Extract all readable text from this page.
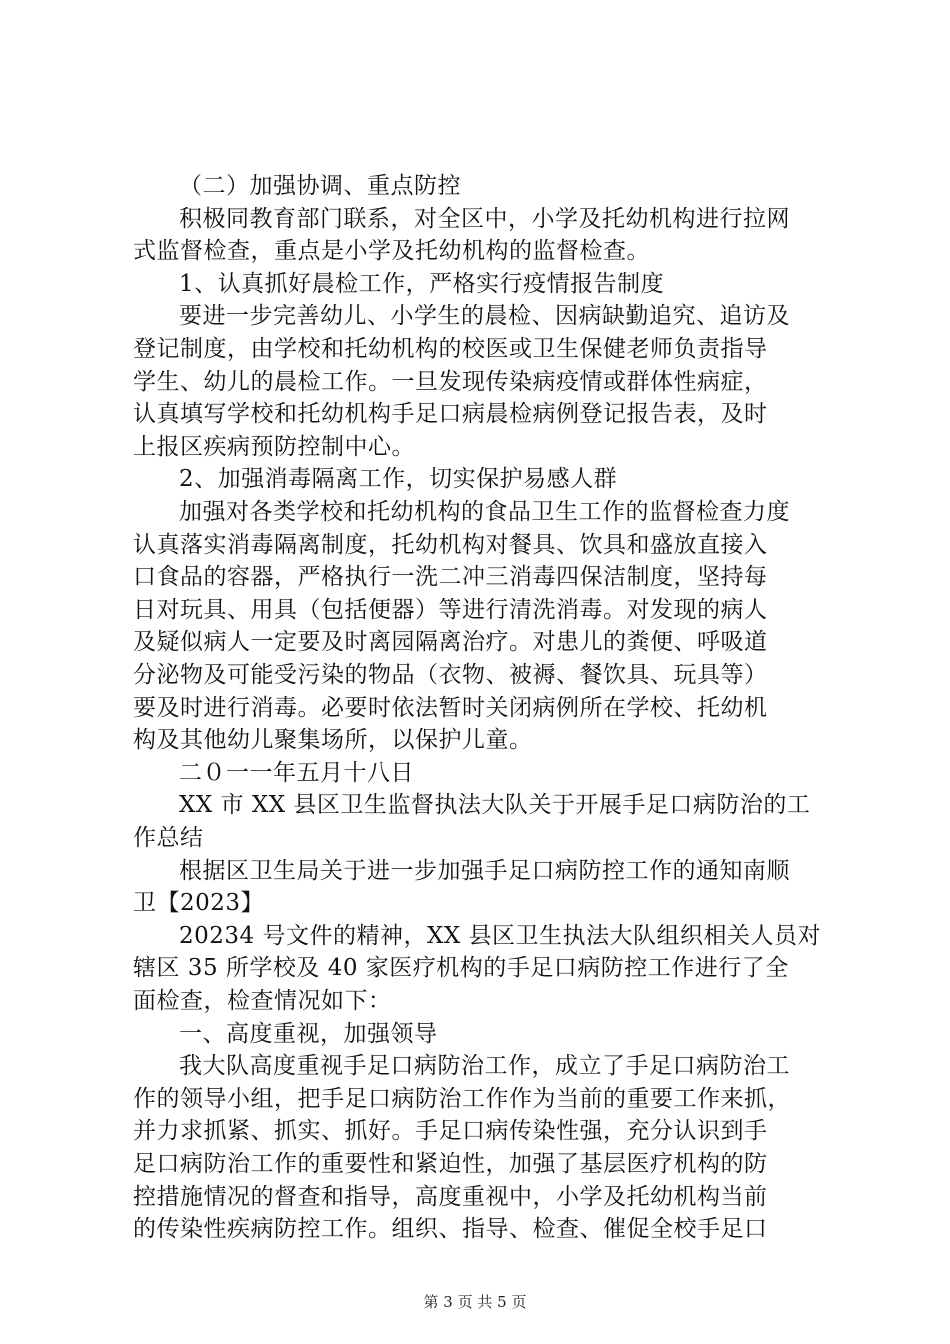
（二）加强协调、重点防控
积极同教育部门联系，对全区中，小学及托幼机构进行拉网
式监督检查，重点是小学及托幼机构的监督检查。
1、认真抓好晨检工作，严格实行疫情报告制度
要进一步完善幼儿、小学生的晨检、因病缺勤追究、追访及
登记制度，由学校和托幼机构的校医或卫生保健老师负责指导
学生、幼儿的晨检工作。一旦发现传染病疫情或群体性病症，
认真填写学校和托幼机构手足口病晨检病例登记报告表，及时
上报区疾病预防控制中心。
2、加强消毒隔离工作，切实保护易感人群
加强对各类学校和托幼机构的食品卫生工作的监督检查力度
认真落实消毒隔离制度，托幼机构对餐具、饮具和盛放直接入
口食品的容器，严格执行一洗二冲三消毒四保洁制度，坚持每
日对玩具、用具（包括便器）等进行清洗消毒。对发现的病人
及疑似病人一定要及时离园隔离治疗。对患儿的粪便、呼吸道
分泌物及可能受污染的物品（衣物、被褥、餐饮具、玩具等）
要及时进行消毒。必要时依法暂时关闭病例所在学校、托幼机
构及其他幼儿聚集场所，以保护儿童。
二０一一年五月十八日
XX 市 XX 县区卫生监督执法大队关于开展手足口病防治的工
作总结
根据区卫生局关于进一步加强手足口病防控工作的通知南顺
卫【2023】
20234 号文件的精神，XX 县区卫生执法大队组织相关人员对
辖区 35 所学校及 40 家医疗机构的手足口病防控工作进行了全
面检查，检查情况如下：
一、高度重视，加强领导
我大队高度重视手足口病防治工作，成立了手足口病防治工
作的领导小组，把手足口病防治工作作为当前的重要工作来抓，
并力求抓紧、抓实、抓好。手足口病传染性强，充分认识到手
足口病防治工作的重要性和紧迫性，加强了基层医疗机构的防
控措施情况的督查和指导，高度重视中，小学及托幼机构当前
的传染性疾病防控工作。组织、指导、检查、催促全校手足口
第 3 页 共 5 页
